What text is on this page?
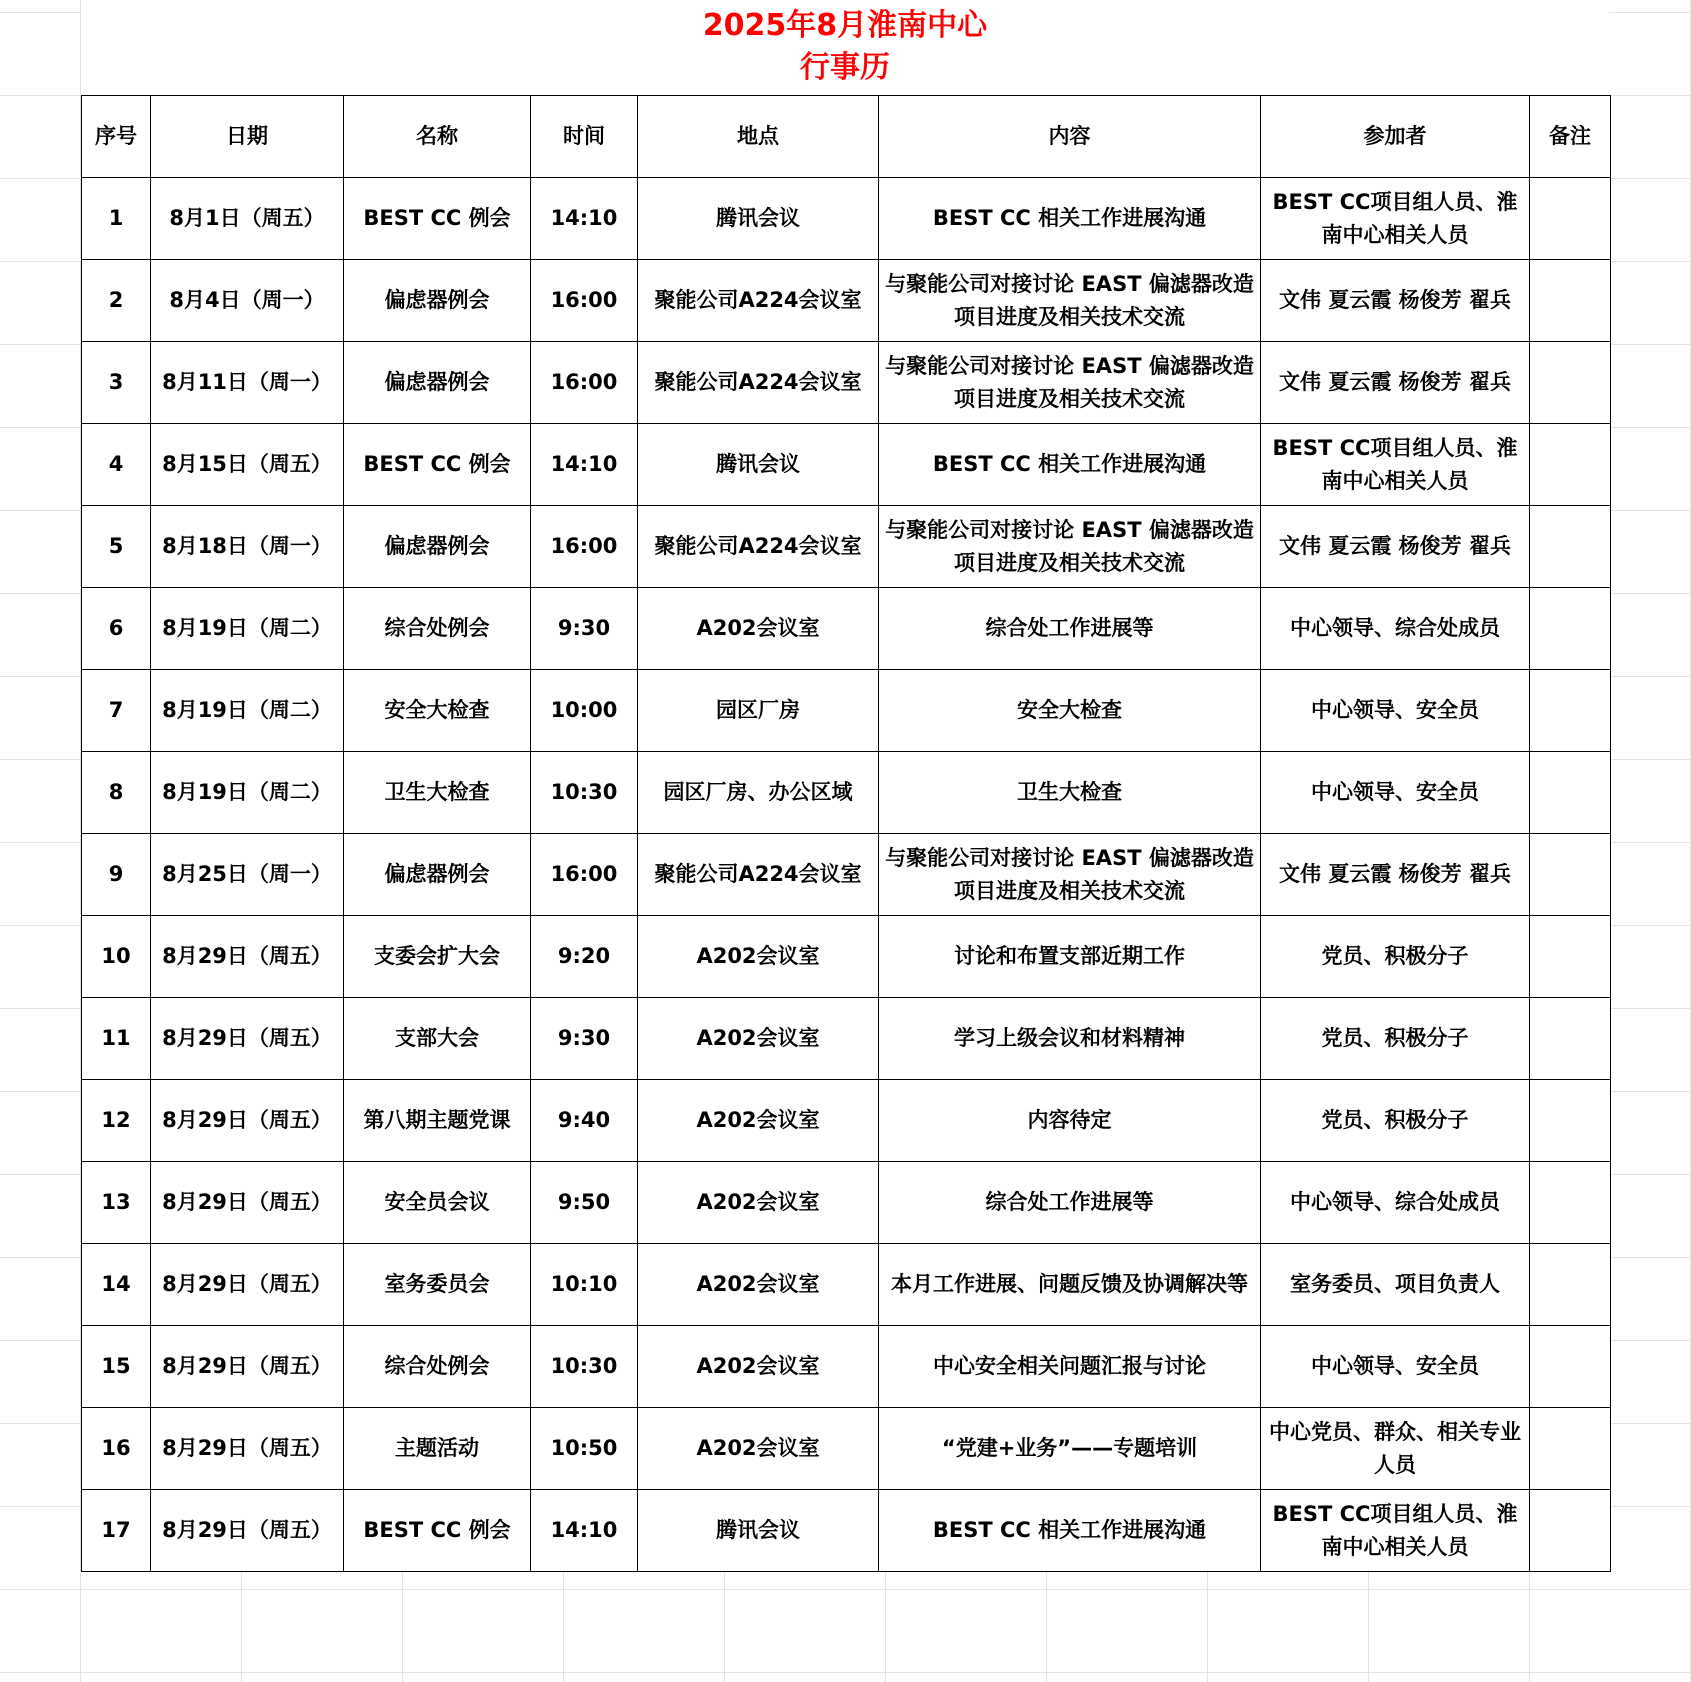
2025年8月淮南中心
行事历
序号	日期	名称	时间	地点	内容	参加者	备注
1	8月1日（周五）	BEST CC 例会	14:10	腾讯会议	BEST CC 相关工作进展沟通	BEST CC项目组人员、淮南中心相关人员	
2	8月4日（周一）	偏虑器例会	16:00	聚能公司A224会议室	与聚能公司对接讨论 EAST 偏滤器改造项目进度及相关技术交流	文伟 夏云霞 杨俊芳 翟兵	
3	8月11日（周一）	偏虑器例会	16:00	聚能公司A224会议室	与聚能公司对接讨论 EAST 偏滤器改造项目进度及相关技术交流	文伟 夏云霞 杨俊芳 翟兵	
4	8月15日（周五）	BEST CC 例会	14:10	腾讯会议	BEST CC 相关工作进展沟通	BEST CC项目组人员、淮南中心相关人员	
5	8月18日（周一）	偏虑器例会	16:00	聚能公司A224会议室	与聚能公司对接讨论 EAST 偏滤器改造项目进度及相关技术交流	文伟 夏云霞 杨俊芳 翟兵	
6	8月19日（周二）	综合处例会	9:30	A202会议室	综合处工作进展等	中心领导、综合处成员	
7	8月19日（周二）	安全大检查	10:00	园区厂房	安全大检查	中心领导、安全员	
8	8月19日（周二）	卫生大检查	10:30	园区厂房、办公区域	卫生大检查	中心领导、安全员	
9	8月25日（周一）	偏虑器例会	16:00	聚能公司A224会议室	与聚能公司对接讨论 EAST 偏滤器改造项目进度及相关技术交流	文伟 夏云霞 杨俊芳 翟兵	
10	8月29日（周五）	支委会扩大会	9:20	A202会议室	讨论和布置支部近期工作	党员、积极分子	
11	8月29日（周五）	支部大会	9:30	A202会议室	学习上级会议和材料精神	党员、积极分子	
12	8月29日（周五）	第八期主题党课	9:40	A202会议室	内容待定	党员、积极分子	
13	8月29日（周五）	安全员会议	9:50	A202会议室	综合处工作进展等	中心领导、综合处成员	
14	8月29日（周五）	室务委员会	10:10	A202会议室	本月工作进展、问题反馈及协调解决等	室务委员、项目负责人	
15	8月29日（周五）	综合处例会	10:30	A202会议室	中心安全相关问题汇报与讨论	中心领导、安全员	
16	8月29日（周五）	主题活动	10:50	A202会议室	“党建+业务”——专题培训	中心党员、群众、相关专业人员	
17	8月29日（周五）	BEST CC 例会	14:10	腾讯会议	BEST CC 相关工作进展沟通	BEST CC项目组人员、淮南中心相关人员	
